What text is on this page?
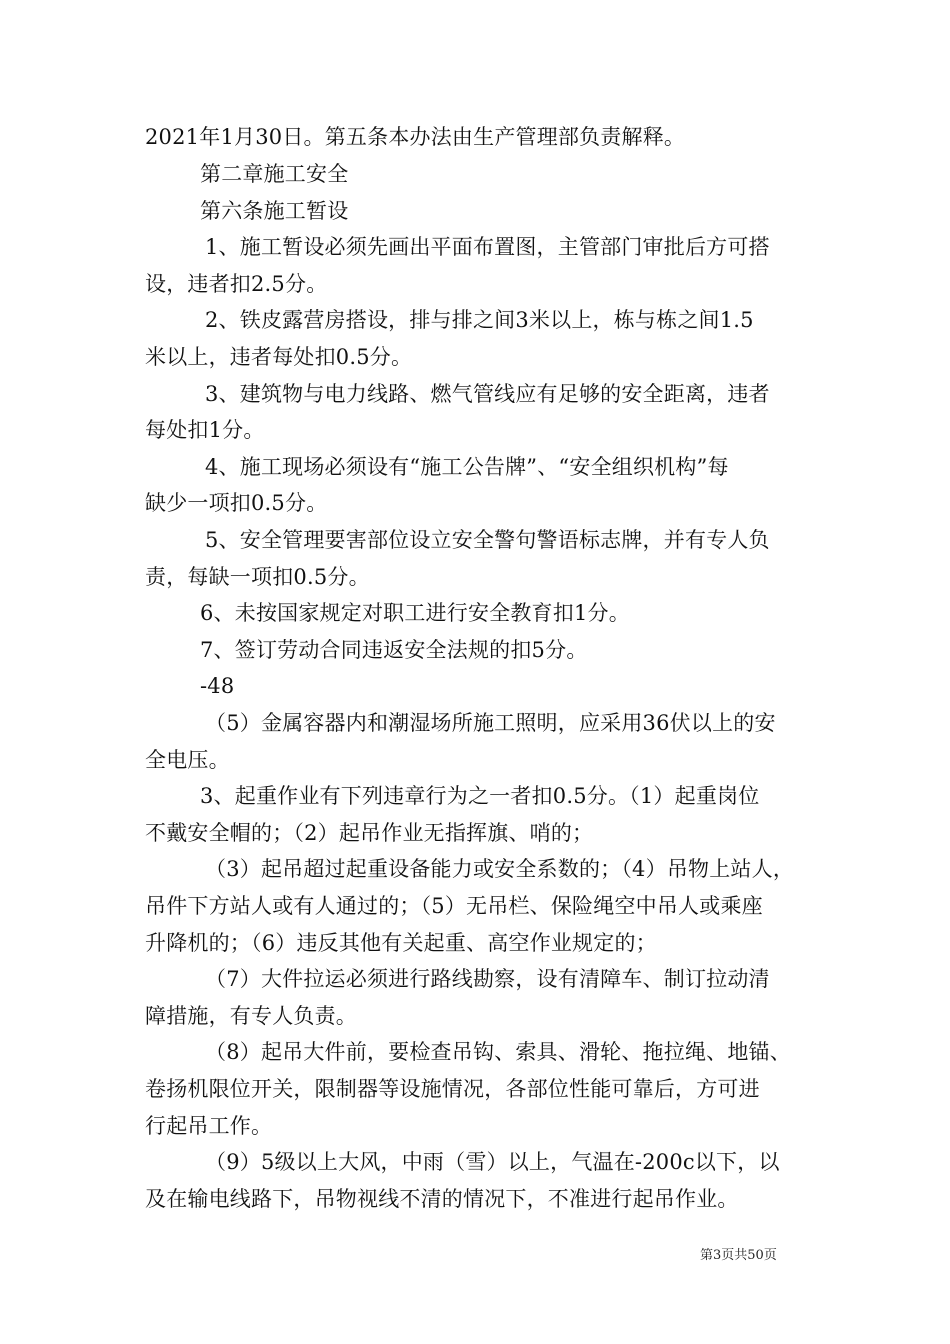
2021年1月30日。第五条本办法由生产管理部负责解释。
第二章施工安全
第六条施工暂设
1、施工暂设必须先画出平面布置图，主管部门审批后方可搭
设，违者扣2.5分。
2、铁皮露营房搭设，排与排之间3米以上，栋与栋之间1.5
米以上，违者每处扣0.5分。
3、建筑物与电力线路、燃气管线应有足够的安全距离，违者
每处扣1分。
4、施工现场必须设有“施工公告牌”、“安全组织机构”每
缺少一项扣0.5分。
5、安全管理要害部位设立安全警句警语标志牌，并有专人负
责，每缺一项扣0.5分。
6、未按国家规定对职工进行安全教育扣1分。
7、签订劳动合同违返安全法规的扣5分。
-48
（5）金属容器内和潮湿场所施工照明，应采用36伏以上的安
全电压。
3、起重作业有下列违章行为之一者扣0.5分。（1）起重岗位
不戴安全帽的；（2）起吊作业无指挥旗、哨的；
（3）起吊超过起重设备能力或安全系数的；（4）吊物上站人，
吊件下方站人或有人通过的；（5）无吊栏、保险绳空中吊人或乘座
升降机的；（6）违反其他有关起重、高空作业规定的；
（7）大件拉运必须进行路线勘察，设有清障车、制订拉动清
障措施，有专人负责。
（8）起吊大件前，要检查吊钩、索具、滑轮、拖拉绳、地锚、
卷扬机限位开关，限制器等设施情况，各部位性能可靠后，方可进
行起吊工作。
（9）5级以上大风，中雨（雪）以上，气温在-200c以下，以
及在输电线路下，吊物视线不清的情况下，不准进行起吊作业。
第3页共50页
